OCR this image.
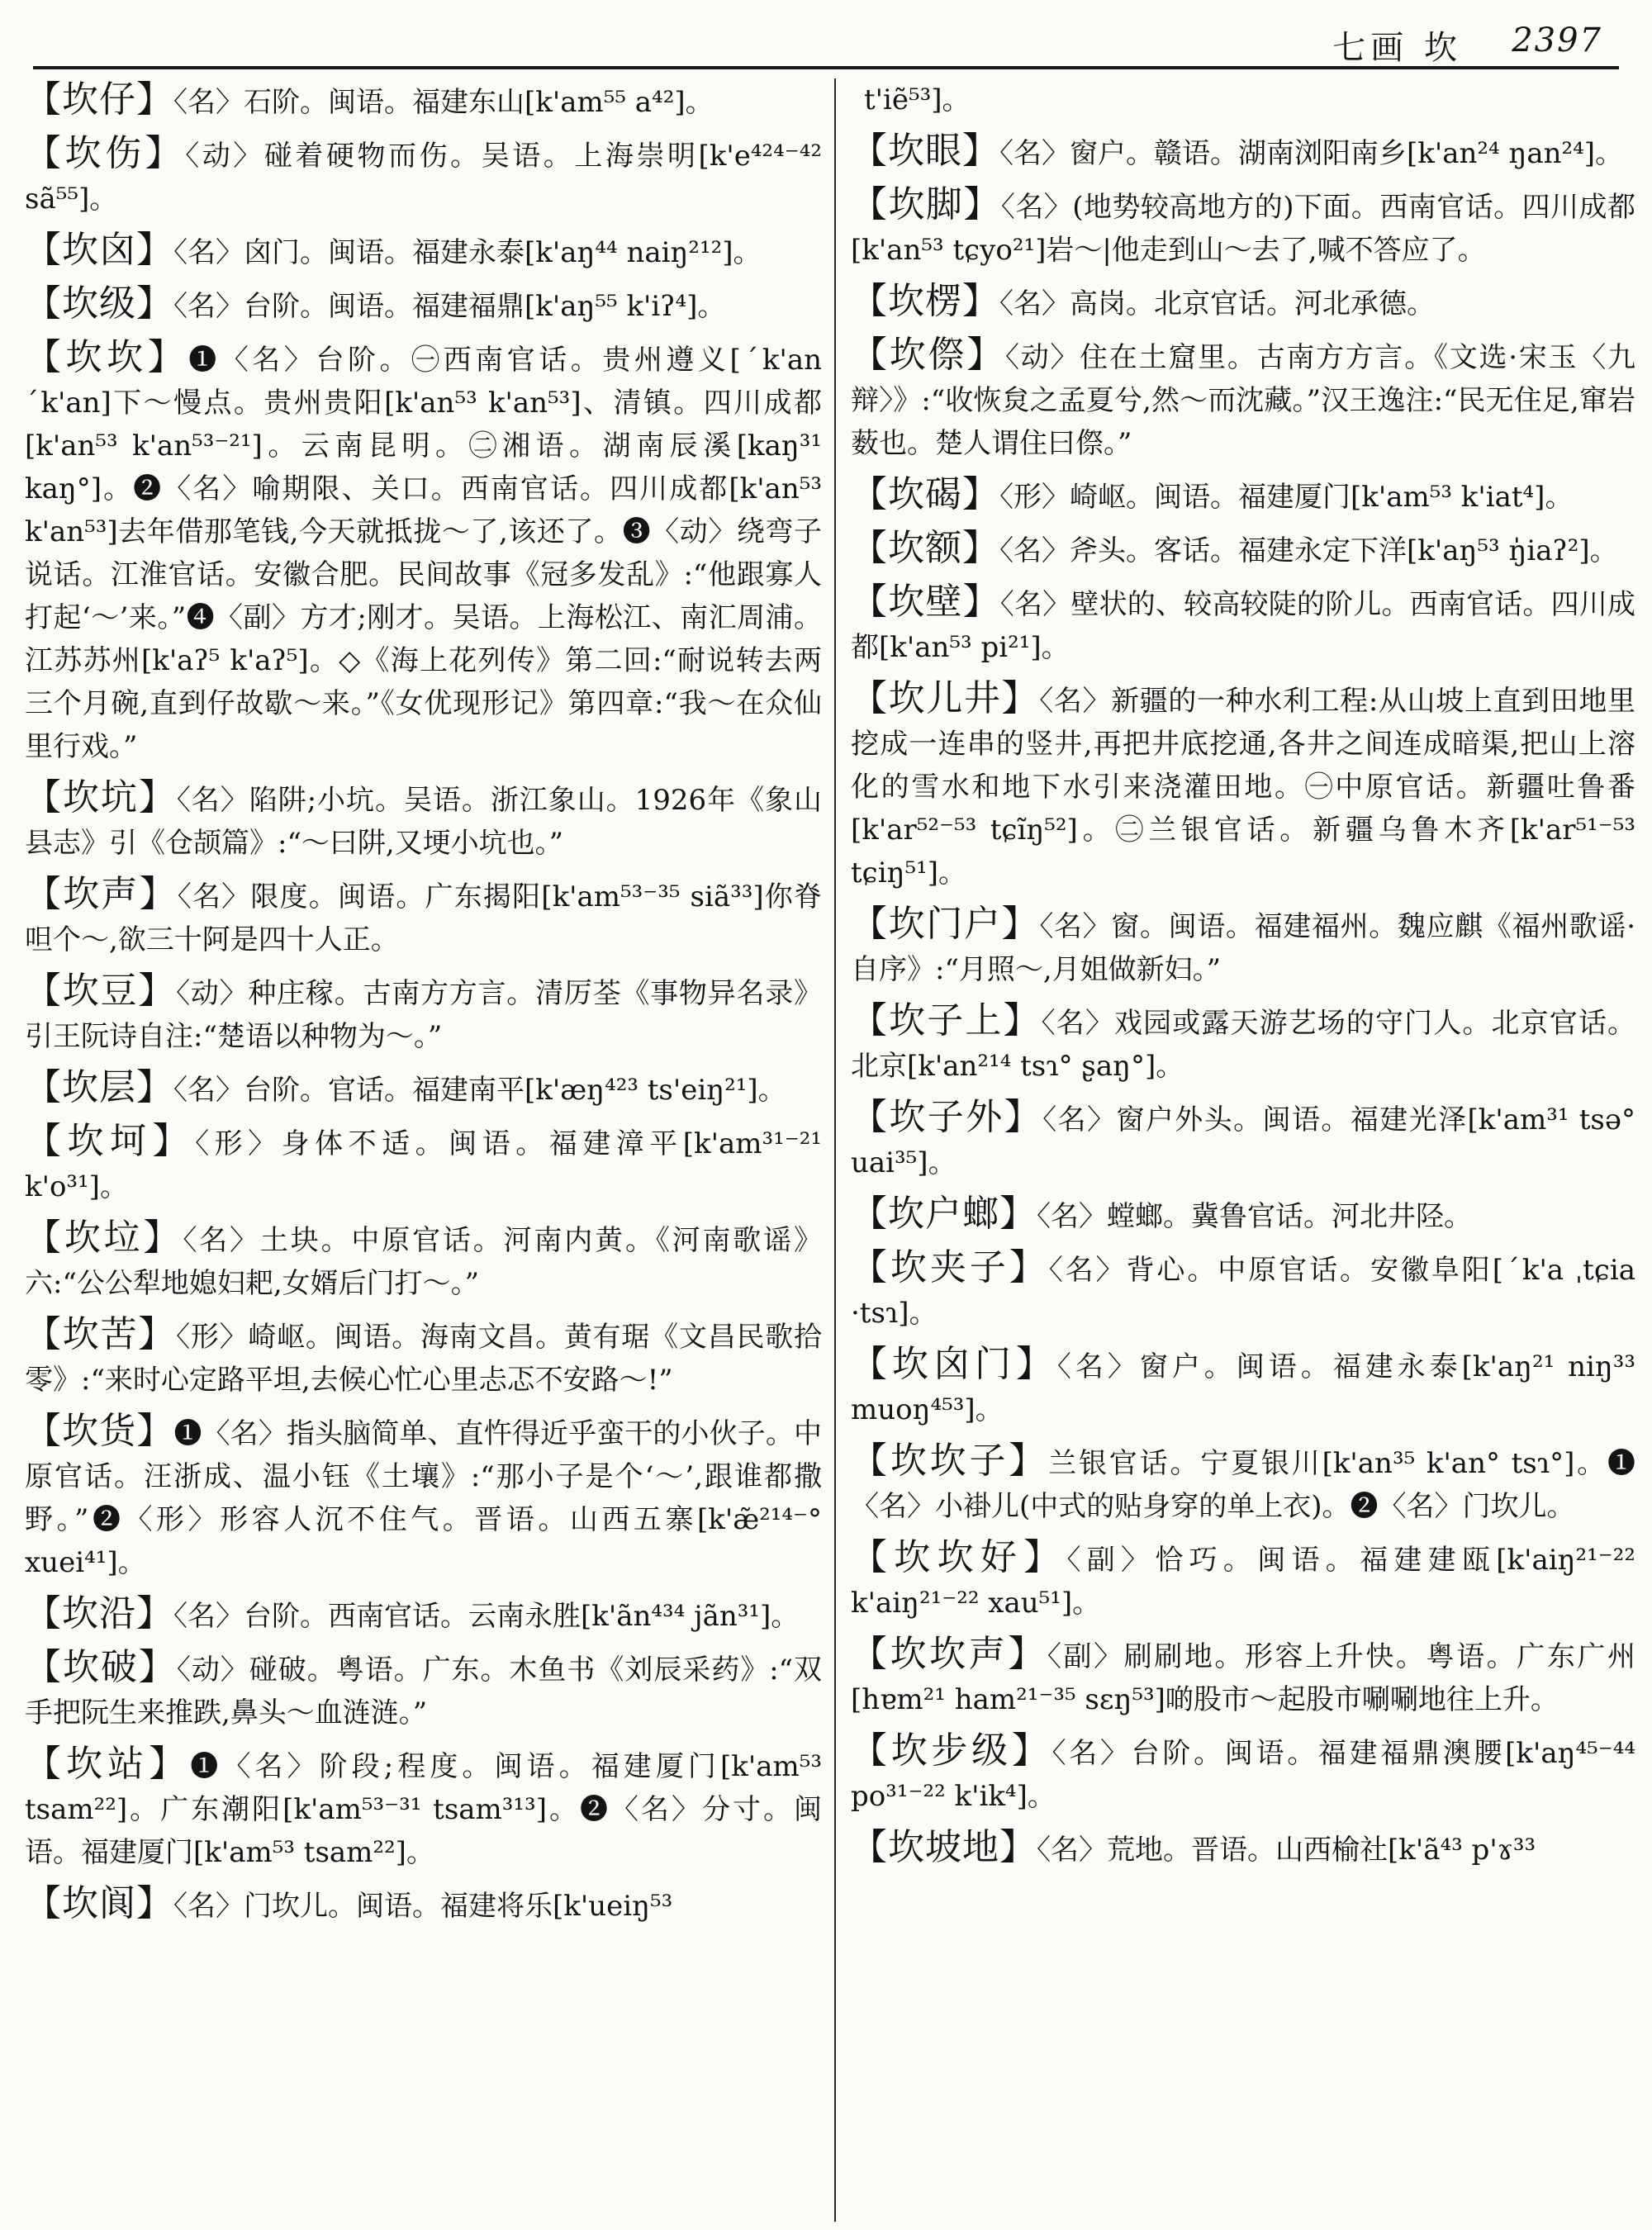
七画 坎 2397
【坎仔】〈名〉石阶。闽语。福建东山[k'am⁵⁵ a⁴²]。
【坎伤】〈动〉碰着硬物而伤。吴语。上海崇明[k'e⁴²⁴⁻⁴² sã⁵⁵]。
【坎囟】〈名〉囟门。闽语。福建永泰[k'aŋ⁴⁴ naiŋ²¹²]。
【坎级】〈名〉台阶。闽语。福建福鼎[k'aŋ⁵⁵ k'iʔ⁴]。
【坎坎】❶〈名〉台阶。㊀西南官话。贵州遵义[ˊk'an ˊk'an]下～慢点。贵州贵阳[k'an⁵³ k'an⁵³]、清镇。四川成都[k'an⁵³ k'an⁵³⁻²¹]。云南昆明。㊁湘语。湖南辰溪[kaŋ³¹ kaŋ°]。❷〈名〉喻期限、关口。西南官话。四川成都[k'an⁵³ k'an⁵³]去年借那笔钱,今天就抵拢～了,该还了。❸〈动〉绕弯子说话。江淮官话。安徽合肥。民间故事《冠多发乱》:“他跟寡人打起‘～’来。”❹〈副〉方才;刚才。吴语。上海松江、南汇周浦。江苏苏州[k'aʔ⁵ k'aʔ⁵]。◇《海上花列传》第二回:“耐说转去两三个月碗,直到仔故歇～来。”《女优现形记》第四章:“我～在众仙里行戏。”
【坎坑】〈名〉陷阱;小坑。吴语。浙江象山。1926年《象山县志》引《仓颉篇》:“～曰阱,又埂小坑也。”
【坎声】〈名〉限度。闽语。广东揭阳[k'am⁵³⁻³⁵ siã³³]你脊呾个～,欲三十阿是四十人正。
【坎豆】〈动〉种庄稼。古南方方言。清厉荃《事物异名录》引王阮诗自注:“楚语以种物为～。”
【坎层】〈名〉台阶。官话。福建南平[k'æŋ⁴²³ ts'eiŋ²¹]。
【坎坷】〈形〉身体不适。闽语。福建漳平[k'am³¹⁻²¹ k'o³¹]。
【坎垃】〈名〉土块。中原官话。河南内黄。《河南歌谣》六:“公公犁地媳妇耙,女婿后门打～。”
【坎苦】〈形〉崎岖。闽语。海南文昌。黄有琚《文昌民歌拾零》:“来时心定路平坦,去候心忙心里忐忑不安路～!”
【坎货】❶〈名〉指头脑简单、直忤得近乎蛮干的小伙子。中原官话。汪浙成、温小钰《土壤》:“那小子是个‘～’,跟谁都撒野。”❷〈形〉形容人沉不住气。晋语。山西五寨[k'æ̃²¹⁴⁻° xuei⁴¹]。
【坎沿】〈名〉台阶。西南官话。云南永胜[k'ãn⁴³⁴ jãn³¹]。
【坎破】〈动〉碰破。粤语。广东。木鱼书《刘辰采药》:“双手把阮生来推跌,鼻头～血涟涟。”
【坎站】❶〈名〉阶段;程度。闽语。福建厦门[k'am⁵³ tsam²²]。广东潮阳[k'am⁵³⁻³¹ tsam³¹³]。❷〈名〉分寸。闽语。福建厦门[k'am⁵³ tsam²²]。
【坎阆】〈名〉门坎儿。闽语。福建将乐[k'ueiŋ⁵³
t'iẽ⁵³]。
【坎眼】〈名〉窗户。赣语。湖南浏阳南乡[k'an²⁴ ŋan²⁴]。
【坎脚】〈名〉(地势较高地方的)下面。西南官话。四川成都[k'an⁵³ tɕyo²¹]岩～|他走到山～去了,喊不答应了。
【坎楞】〈名〉高岗。北京官话。河北承德。
【坎傺】〈动〉住在土窟里。古南方方言。《文选·宋玉〈九辩〉》:“收恢炱之孟夏兮,然～而沈藏。”汉王逸注:“民无住足,窜岩薮也。楚人谓住曰傺。”
【坎碣】〈形〉崎岖。闽语。福建厦门[k'am⁵³ k'iat⁴]。
【坎额】〈名〉斧头。客话。福建永定下洋[k'aŋ⁵³ ŋ̍iaʔ²]。
【坎壁】〈名〉壁状的、较高较陡的阶儿。西南官话。四川成都[k'an⁵³ pi²¹]。
【坎儿井】〈名〉新疆的一种水利工程:从山坡上直到田地里挖成一连串的竖井,再把井底挖通,各井之间连成暗渠,把山上溶化的雪水和地下水引来浇灌田地。㊀中原官话。新疆吐鲁番[k'ar⁵²⁻⁵³ tɕĩŋ⁵²]。㊁兰银官话。新疆乌鲁木齐[k'ar⁵¹⁻⁵³ tɕiŋ⁵¹]。
【坎门户】〈名〉窗。闽语。福建福州。魏应麒《福州歌谣·自序》:“月照～,月姐做新妇。”
【坎子上】〈名〉戏园或露天游艺场的守门人。北京官话。北京[k'an²¹⁴ tsɿ° ʂaŋ°]。
【坎子外】〈名〉窗户外头。闽语。福建光泽[k'am³¹ tsə° uai³⁵]。
【坎户螂】〈名〉螳螂。冀鲁官话。河北井陉。
【坎夹子】〈名〉背心。中原官话。安徽阜阳[ˊk'a ˌtɕia ·tsɿ]。
【坎囟门】〈名〉窗户。闽语。福建永泰[k'aŋ²¹ niŋ³³ muoŋ⁴⁵³]。
【坎坎子】兰银官话。宁夏银川[k'an³⁵ k'an° tsɿ°]。❶〈名〉小褂儿(中式的贴身穿的单上衣)。❷〈名〉门坎儿。
【坎坎好】〈副〉恰巧。闽语。福建建瓯[k'aiŋ²¹⁻²² k'aiŋ²¹⁻²² xau⁵¹]。
【坎坎声】〈副〉刷刷地。形容上升快。粤语。广东广州[hɐm²¹ ham²¹⁻³⁵ sɛŋ⁵³]啲股市～起股市唰唰地往上升。
【坎步级】〈名〉台阶。闽语。福建福鼎澳腰[k'aŋ⁴⁵⁻⁴⁴ po³¹⁻²² k'ik⁴]。
【坎坡地】〈名〉荒地。晋语。山西榆社[k'ã⁴³ p'ɤ³³
